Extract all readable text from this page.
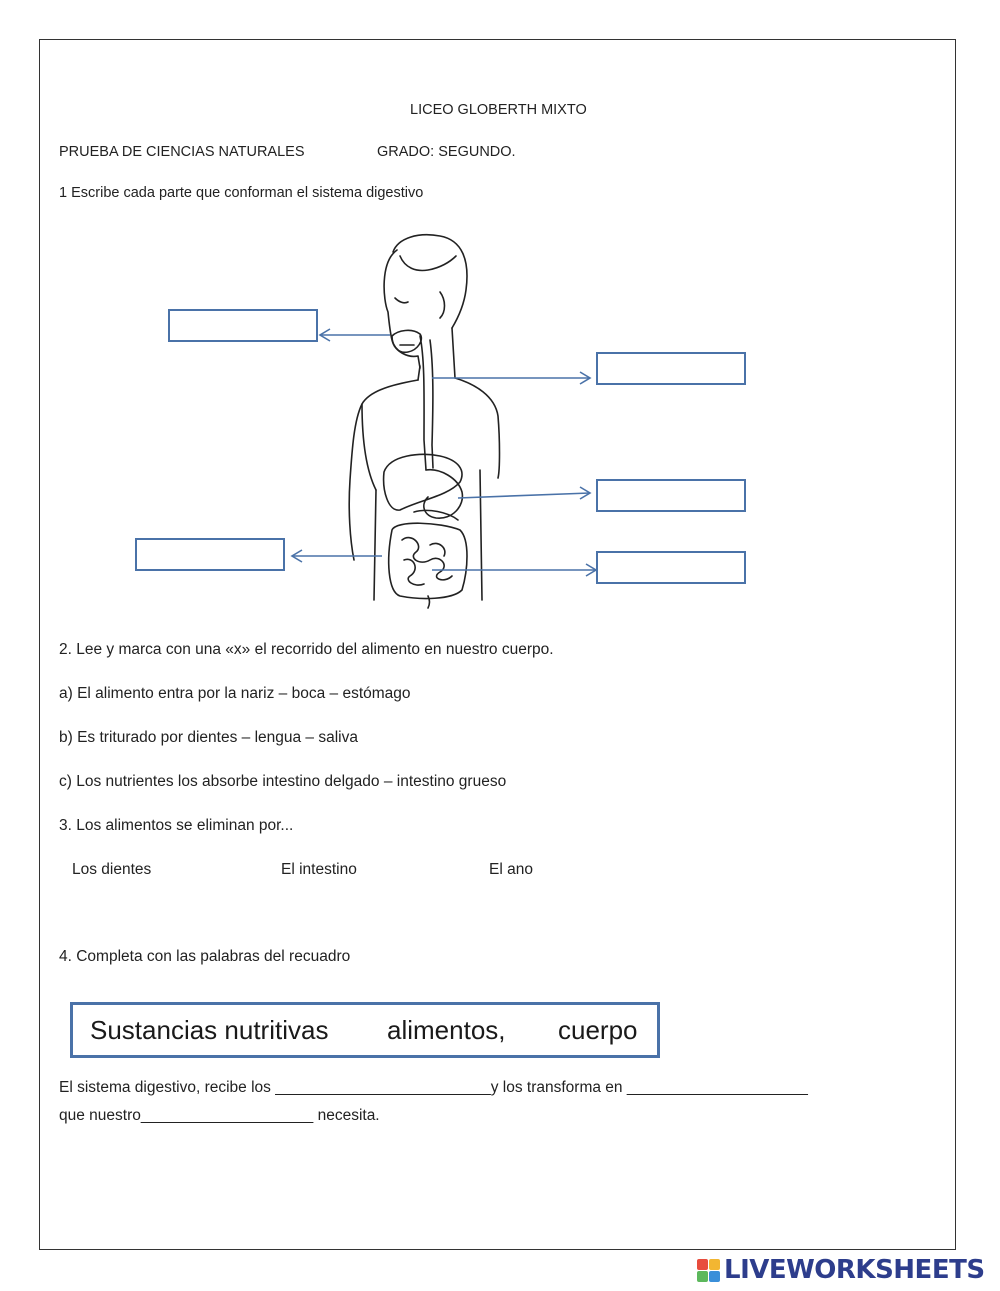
LICEO GLOBERTH MIXTO
PRUEBA DE CIENCIAS NATURALES	GRADO: SEGUNDO.
1 Escribe cada parte que conforman el sistema digestivo
2. Lee y marca con una «x» el recorrido del alimento en nuestro cuerpo.
a) El alimento entra por la nariz – boca – estómago
b) Es triturado por dientes – lengua – saliva
c) Los nutrientes los absorbe intestino delgado – intestino grueso
3. Los alimentos se eliminan por...
Los dientes	El intestino	El ano
4. Completa con las palabras del recuadro
Sustancias nutritivas alimentos, cuerpo
El sistema digestivo, recibe los _________________________y los transforma en _____________________
que nuestro____________________ necesita.
LIVEWORKSHEETS
